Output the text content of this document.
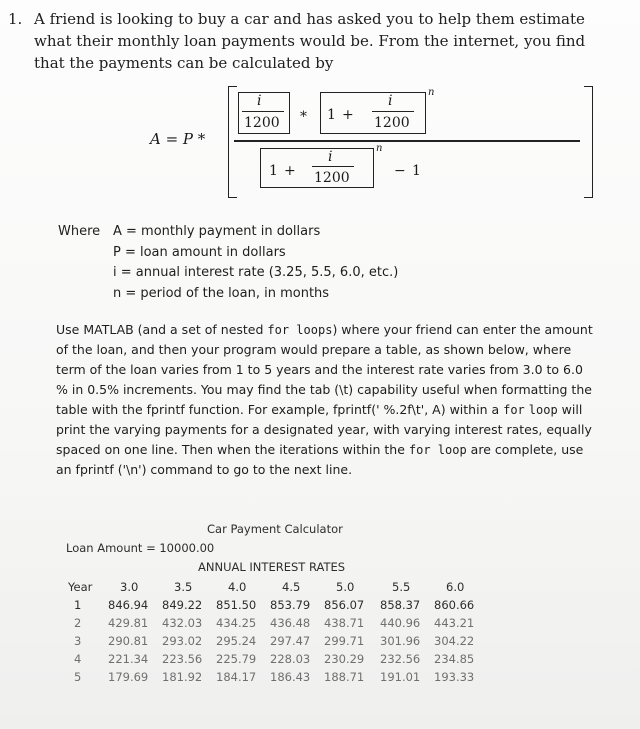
1. A friend is looking to buy a car and has asked you to help them estimate what their monthly loan payments would be. From the internet, you find that the payments can be calculated by
A = P *
i
1200 * 1 +
i
1200
n
1 +
i
1200
n
− 1
Where A = monthly payment in dollars
P = loan amount in dollars
i = annual interest rate (3.25, 5.5, 6.0, etc.)
n = period of the loan, in months
Use MATLAB (and a set of nested for loops) where your friend can enter the amount of the loan, and then your program would prepare a table, as shown below, where term of the loan varies from 1 to 5 years and the interest rate varies from 3.0 to 6.0 % in 0.5% increments. You may find the tab (\t) capability useful when formatting the table with the fprintf function. For example, fprintf(' %.2f\t', A) within a for loop will print the varying payments for a designated year, with varying interest rates, equally spaced on one line. Then when the iterations within the for loop are complete, use an fprintf ('\n') command to go to the next line.
Car Payment Calculator
Loan Amount = 10000.00
ANNUAL INTEREST RATES
Year 3.0	3.5	4.0	4.5	5.0	5.5	6.0
1 846.94 849.22 851.50 853.79 856.07 858.37 860.66
2 429.81 432.03 434.25 436.48 438.71 440.96 443.21
3 290.81 293.02 295.24 297.47 299.71 301.96 304.22
4 221.34 223.56 225.79 228.03 230.29 232.56 234.85
5 179.69 181.92 184.17 186.43 188.71 191.01 193.33
